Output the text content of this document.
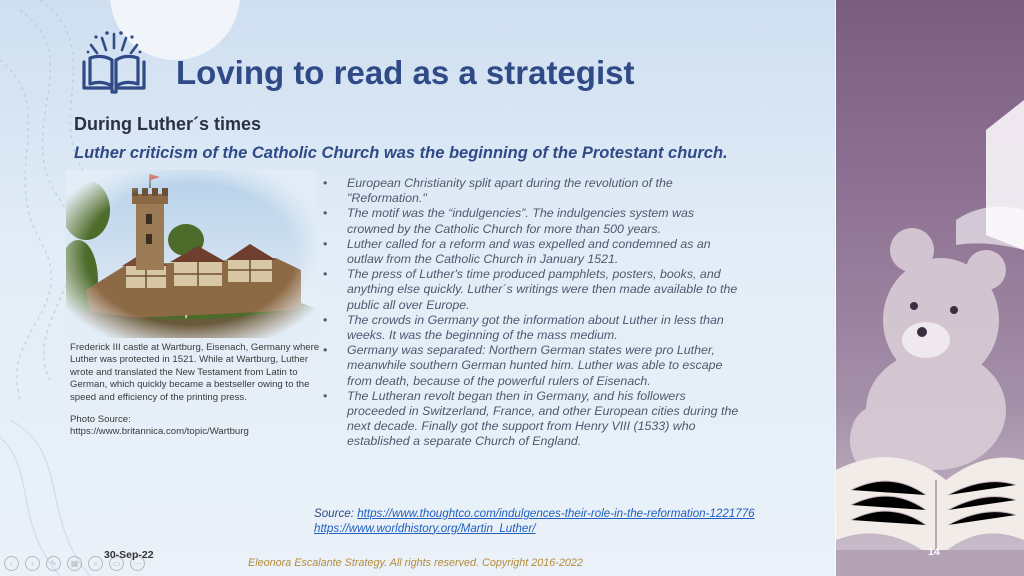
Loving to read as a strategist
During Luther´s times
Luther criticism of the Catholic Church was the beginning of the Protestant church.

Frederick III castle at Wartburg, Eisenach, Germany where Luther was protected in 1521. While at Wartburg, Luther wrote and translated the New Testament from Latin to German, which quickly became a bestseller owing to the speed and efficiency of the printing press.

Photo Source:
https://www.britannica.com/topic/Wartburg

• European Christianity split apart during the revolution of the "Reformation."
• The motif was the “indulgencies”. The indulgencies system was crowned by the Catholic Church for more than 500 years.
• Luther called for a reform and was expelled and condemned as an outlaw from the Catholic Church in January 1521.
• The press of Luther's time produced pamphlets, posters, books, and anything else quickly. Luther´s writings were then made available to the public all over Europe.
• The crowds in Germany got the information about Luther in less than weeks. It was the beginning of the mass medium.
• Germany was separated: Northern German states were pro Luther, meanwhile southern German hunted him. Luther was able to escape from death, because of the powerful rulers of Eisenach.
• The Lutheran revolt began then in Germany, and his followers proceeded in Switzerland, France, and other European cities during the next decade. Finally got the support from Henry VIII (1533) who established a separate Church of England.
Source: https://www.thoughtco.com/indulgences-their-role-in-the-reformation-1221776
https://www.worldhistory.org/Martin_Luther/
‹	›	✎	▦	⌕	▭	⋯
30-Sep-22
Eleonora Escalante Strategy. All rights reserved. Copyright 2016-2022
14
